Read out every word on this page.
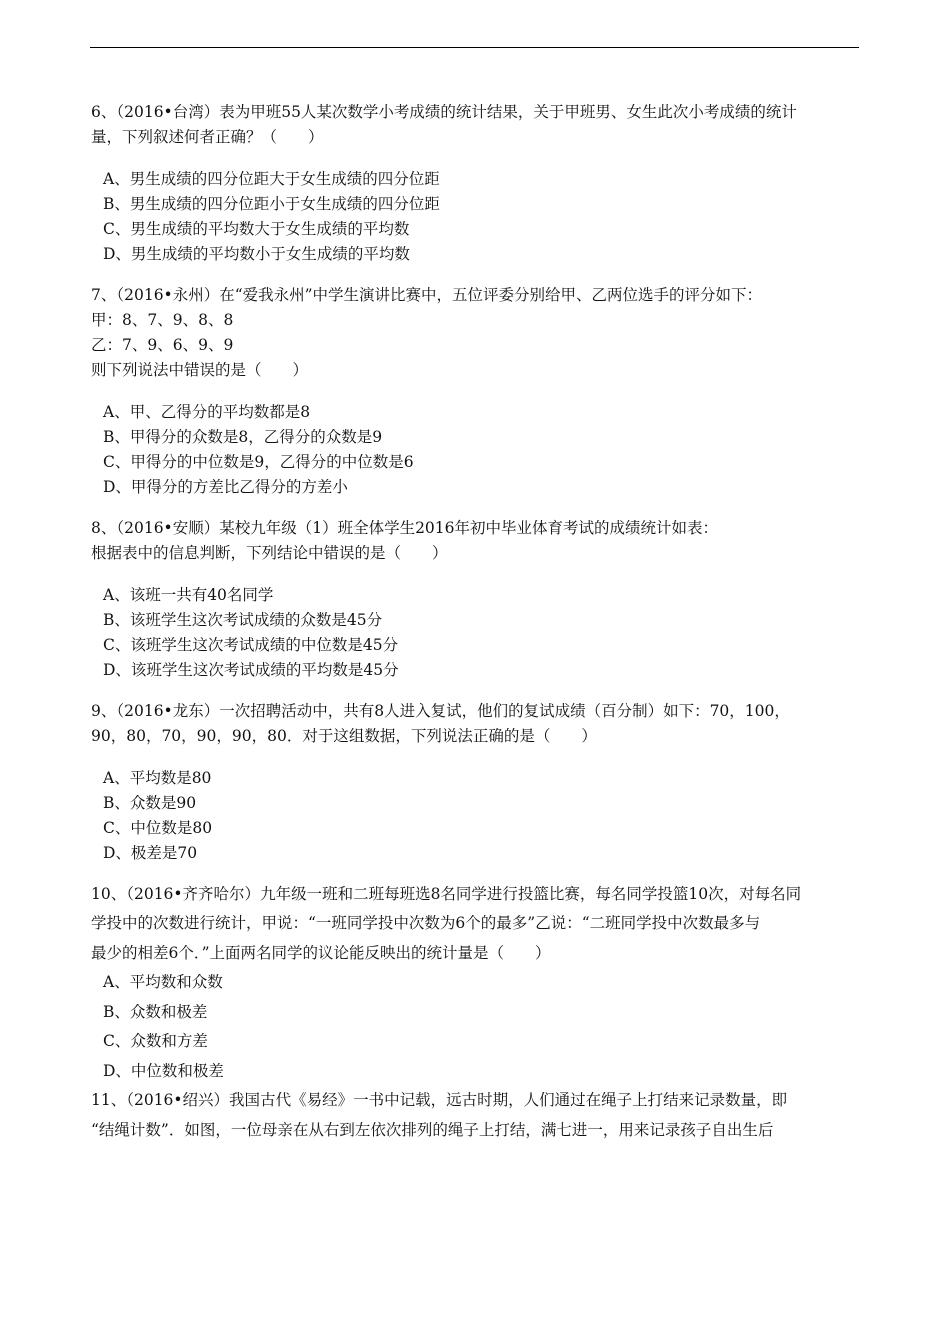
6、（2016•台湾）表为甲班55人某次数学小考成绩的统计结果，关于甲班男、女生此次小考成绩的统计
量，下列叙述何者正确？（　　）
A、男生成绩的四分位距大于女生成绩的四分位距
B、男生成绩的四分位距小于女生成绩的四分位距
C、男生成绩的平均数大于女生成绩的平均数
D、男生成绩的平均数小于女生成绩的平均数
7、（2016•永州）在“爱我永州”中学生演讲比赛中，五位评委分别给甲、乙两位选手的评分如下：
甲：8、7、9、8、8
乙：7、9、6、9、9
则下列说法中错误的是（　　）
A、甲、乙得分的平均数都是8
B、甲得分的众数是8，乙得分的众数是9
C、甲得分的中位数是9，乙得分的中位数是6
D、甲得分的方差比乙得分的方差小
8、（2016•安顺）某校九年级（1）班全体学生2016年初中毕业体育考试的成绩统计如表：
根据表中的信息判断，下列结论中错误的是（　　）
A、该班一共有40名同学
B、该班学生这次考试成绩的众数是45分
C、该班学生这次考试成绩的中位数是45分
D、该班学生这次考试成绩的平均数是45分
9、（2016•龙东）一次招聘活动中，共有8人进入复试，他们的复试成绩（百分制）如下：70，100，
90，80，70，90，90，80．对于这组数据，下列说法正确的是（　　）
A、平均数是80
B、众数是90
C、中位数是80
D、极差是70
10、（2016•齐齐哈尔）九年级一班和二班每班选8名同学进行投篮比赛，每名同学投篮10次，对每名同
学投中的次数进行统计，甲说：“一班同学投中次数为6个的最多”乙说：“二班同学投中次数最多与
最少的相差6个．”上面两名同学的议论能反映出的统计量是（　　）
A、平均数和众数
B、众数和极差
C、众数和方差
D、中位数和极差
11、（2016•绍兴）我国古代《易经》一书中记载，远古时期，人们通过在绳子上打结来记录数量，即
“结绳计数”．如图，一位母亲在从右到左依次排列的绳子上打结，满七进一，用来记录孩子自出生后
